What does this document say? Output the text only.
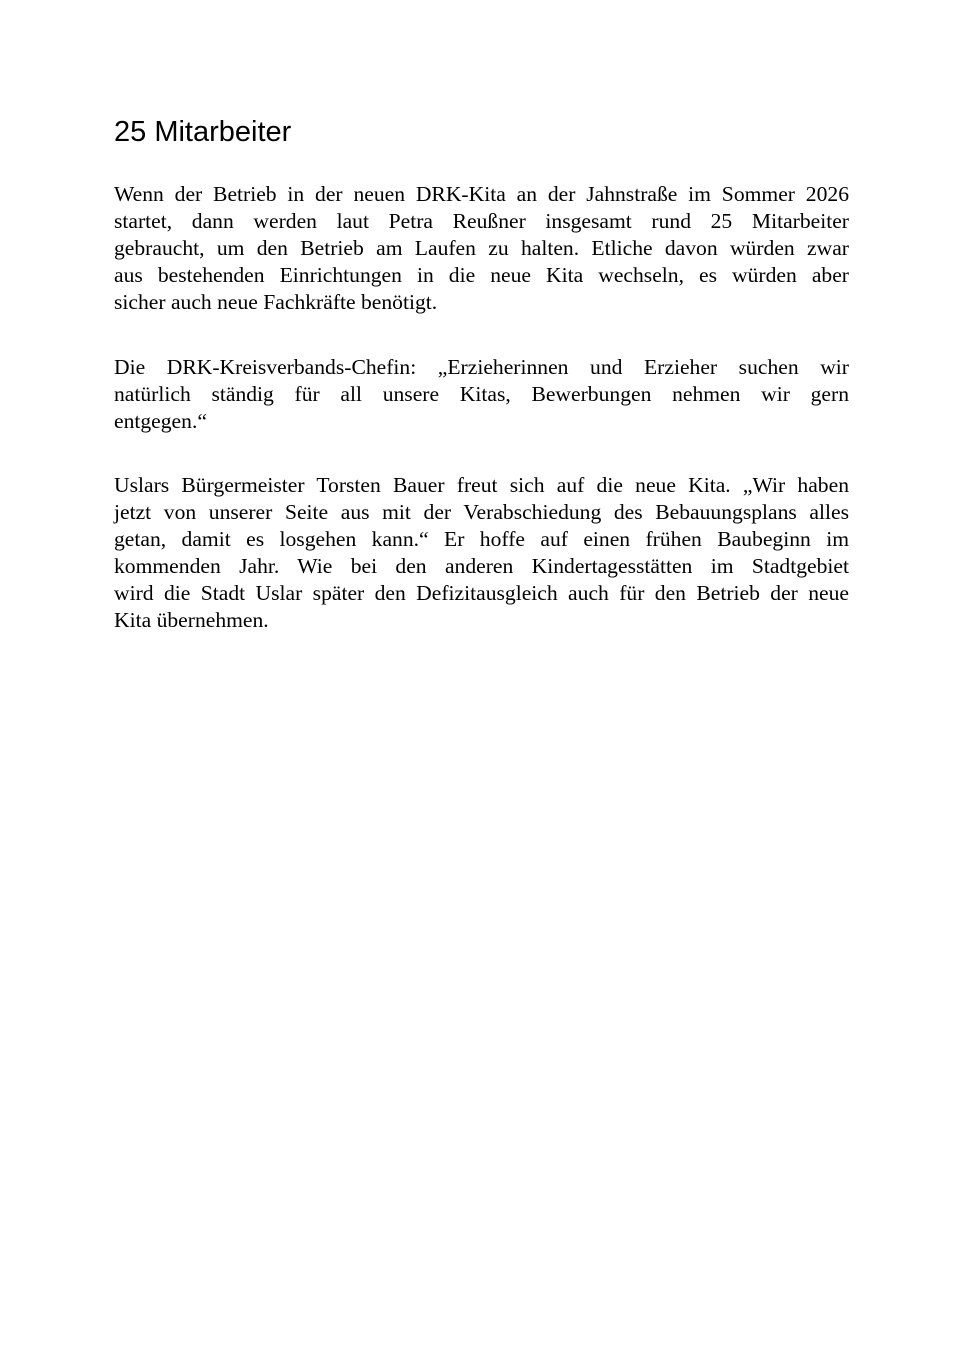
25 Mitarbeiter
Wenn der Betrieb in der neuen DRK-Kita an der Jahnstraße im Sommer 2026
startet, dann werden laut Petra Reußner insgesamt rund 25 Mitarbeiter
gebraucht, um den Betrieb am Laufen zu halten. Etliche davon würden zwar
aus bestehenden Einrichtungen in die neue Kita wechseln, es würden aber
sicher auch neue Fachkräfte benötigt.
Die DRK-Kreisverbands-Chefin: „Erzieherinnen und Erzieher suchen wir
natürlich ständig für all unsere Kitas, Bewerbungen nehmen wir gern
entgegen.“
Uslars Bürgermeister Torsten Bauer freut sich auf die neue Kita. „Wir haben
jetzt von unserer Seite aus mit der Verabschiedung des Bebauungsplans alles
getan, damit es losgehen kann.“ Er hoffe auf einen frühen Baubeginn im
kommenden Jahr. Wie bei den anderen Kindertagesstätten im Stadtgebiet
wird die Stadt Uslar später den Defizitausgleich auch für den Betrieb der neue
Kita übernehmen.
